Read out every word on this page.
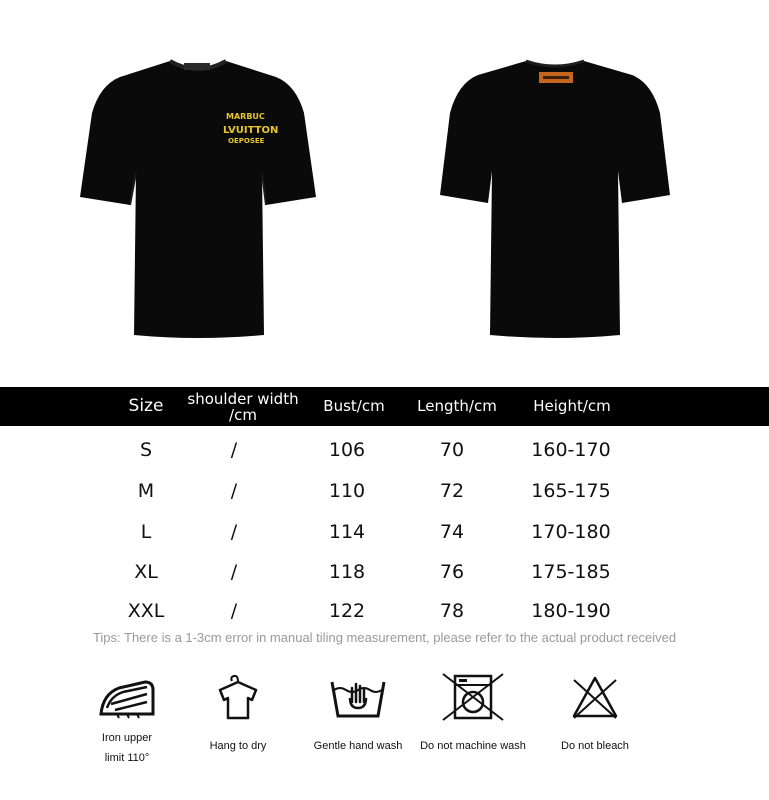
MARBUC
LVUITTON
OEPOSEE
Size	shoulder width /cm	Bust/cm	Length/cm	Height/cm
S	/	106	70	160-170
M	/	110	72	165-175
L	/	114	74	170-180
XL	/	118	76	175-185
XXL	/	122	78	180-190
Tips: There is a 1-3cm error in manual tiling measurement, please refer to the actual product received
Iron upper limit 110°
Hang to dry	Gentle hand wash	Do not machine wash	Do not bleach
